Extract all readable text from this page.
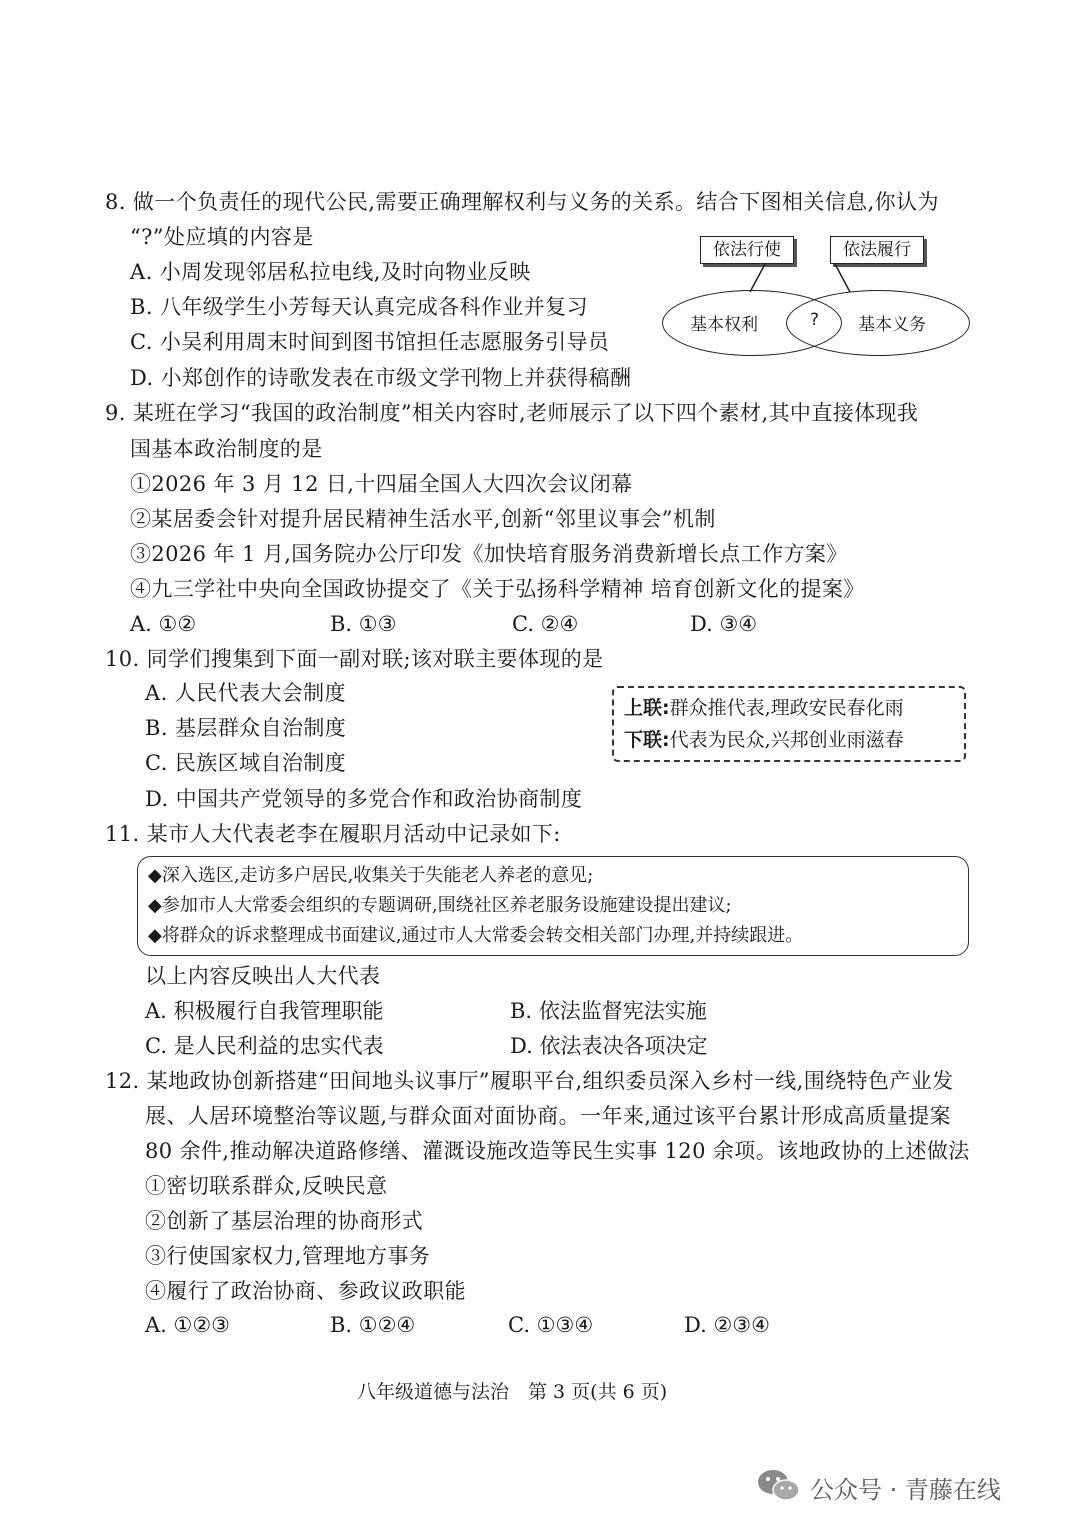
8. 做一个负责任的现代公民,需要正确理解权利与义务的关系。结合下图相关信息,你认为
“?”处应填的内容是
A. 小周发现邻居私拉电线,及时向物业反映
B. 八年级学生小芳每天认真完成各科作业并复习
C. 小吴利用周末时间到图书馆担任志愿服务引导员
D. 小郑创作的诗歌发表在市级文学刊物上并获得稿酬
依法行使	依法履行
基本权利	? 基本义务
9. 某班在学习“我国的政治制度”相关内容时,老师展示了以下四个素材,其中直接体现我
国基本政治制度的是
①2026 年 3 月 12 日,十四届全国人大四次会议闭幕
②某居委会针对提升居民精神生活水平,创新“邻里议事会”机制
③2026 年 1 月,国务院办公厅印发《加快培育服务消费新增长点工作方案》
④九三学社中央向全国政协提交了《关于弘扬科学精神 培育创新文化的提案》
A. ①②	B. ①③	C. ②④	D. ③④
10. 同学们搜集到下面一副对联;该对联主要体现的是
A. 人民代表大会制度
B. 基层群众自治制度
C. 民族区域自治制度
D. 中国共产党领导的多党合作和政治协商制度
上联:群众推代表,理政安民春化雨
下联:代表为民众,兴邦创业雨滋春
11. 某市人大代表老李在履职月活动中记录如下:
◆深入选区,走访多户居民,收集关于失能老人养老的意见;
◆参加市人大常委会组织的专题调研,围绕社区养老服务设施建设提出建议;
◆将群众的诉求整理成书面建议,通过市人大常委会转交相关部门办理,并持续跟进。
以上内容反映出人大代表
A. 积极履行自我管理职能	B. 依法监督宪法实施
C. 是人民利益的忠实代表	D. 依法表决各项决定
12. 某地政协创新搭建“田间地头议事厅”履职平台,组织委员深入乡村一线,围绕特色产业发
展、人居环境整治等议题,与群众面对面协商。一年来,通过该平台累计形成高质量提案
80 余件,推动解决道路修缮、灌溉设施改造等民生实事 120 余项。该地政协的上述做法
①密切联系群众,反映民意
②创新了基层治理的协商形式
③行使国家权力,管理地方事务
④履行了政治协商、参政议政职能
A. ①②③	B. ①②④	C. ①③④	D. ②③④
八年级道德与法治　第 3 页(共 6 页)
公众号 · 青藤在线
